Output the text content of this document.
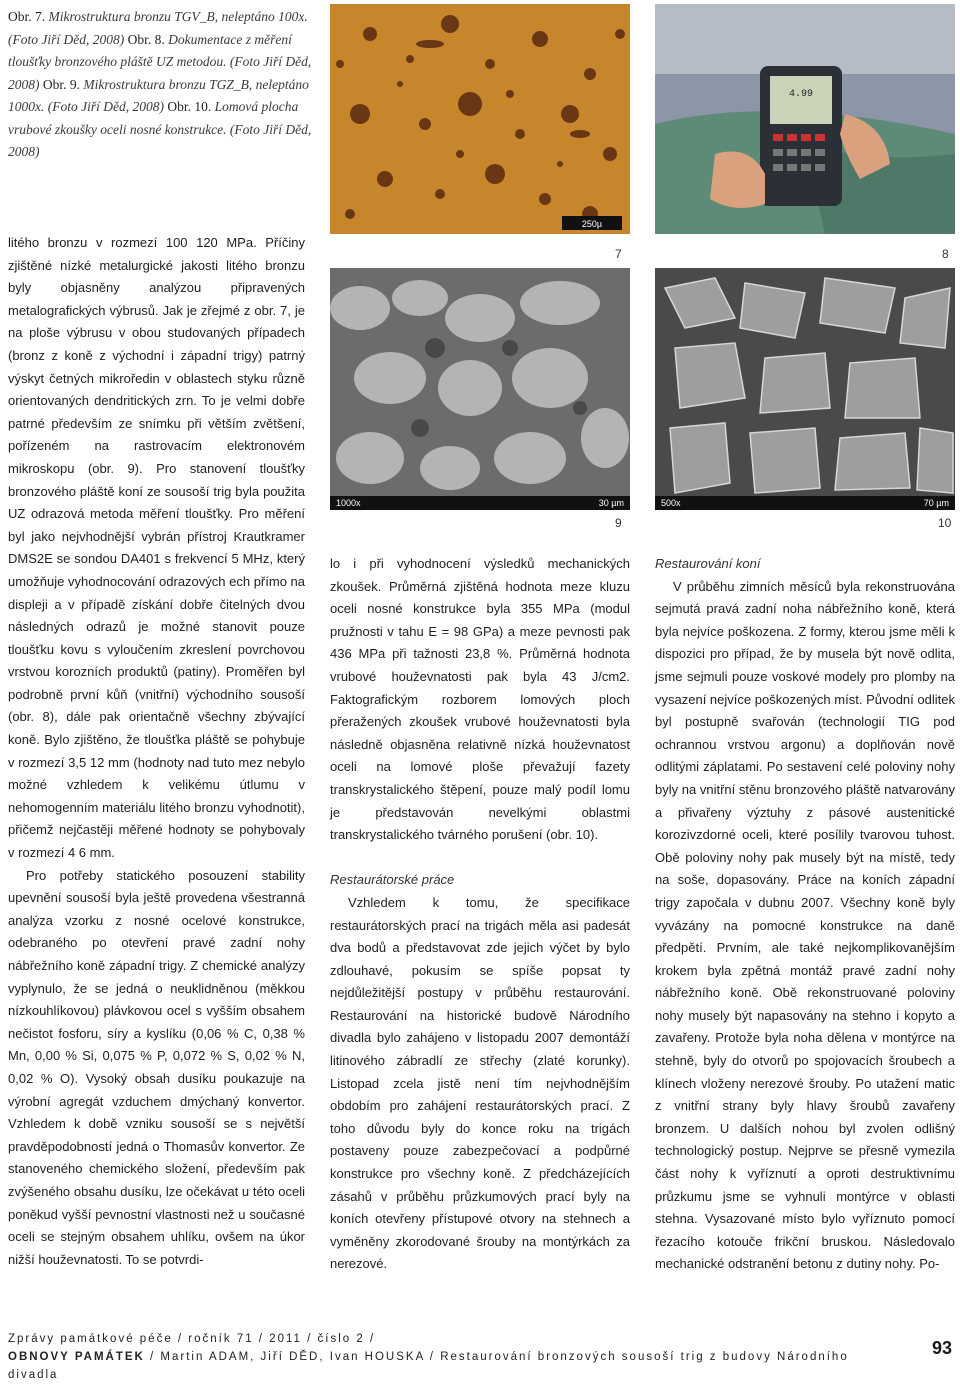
Obr. 7. Mikrostruktura bronzu TGV_B, neleptáno 100x. (Foto Jiří Děd, 2008) Obr. 8. Dokumentace z měření tloušťky bronzového pláště UZ metodou. (Foto Jiří Děd, 2008) Obr. 9. Mikrostruktura bronzu TGZ_B, neleptáno 1000x. (Foto Jiří Děd, 2008) Obr. 10. Lomová plocha vrubové zkoušky oceli nosné konstrukce. (Foto Jiří Děd, 2008)
250µ
4.99
7	8
1000x	30 µm	500x	70 µm
9	10

litého bronzu v rozmezí 100 120 MPa. Příčiny zjištěné nízké metalurgické jakosti litého bronzu byly objasněny analýzou připravených metalografických výbrusů. Jak je zřejmé z obr. 7, je na ploše výbrusu v obou studovaných případech (bronz z koně z východní i západní trigy) patrný výskyt četných mikroředin v oblastech styku různě orientovaných dendritických zrn. To je velmi dobře patrné především ze snímku při větším zvětšení, pořízeném na rastrovacím elektronovém mikroskopu (obr. 9). Pro stanovení tloušťky bronzového pláště koní ze sousoší trig byla použita UZ odrazová metoda měření tloušťky. Pro měření byl jako nejvhodnější vybrán přístroj Krautkramer DMS2E se sondou DA401 s frekvencí 5 MHz, který umožňuje vyhodnocování odrazových ech přímo na displeji a v případě získání dobře čitelných dvou následných odrazů je možné stanovit pouze tloušťku kovu s vyloučením zkreslení povrchovou vrstvou korozních produktů (patiny). Proměřen byl podrobně první kůň (vnitřní) východního sousoší (obr. 8), dále pak orientačně všechny zbývající koně. Bylo zjištěno, že tloušťka pláště se pohybuje v rozmezí 3,5 12 mm (hodnoty nad tuto mez nebylo možné vzhledem k velikému útlumu v nehomogenním materiálu litého bronzu vyhodnotit), přičemž nejčastěji měřené hodnoty se pohybovaly v rozmezí 4 6 mm.

Pro potřeby statického posouzení stability upevnění sousoší byla ještě provedena všestranná analýza vzorku z nosné ocelové konstrukce, odebraného po otevření pravé zadní nohy nábřežního koně západní trigy. Z chemické analýzy vyplynulo, že se jedná o neuklidněnou (měkkou nízkouhlíkovou) plávkovou ocel s vyšším obsahem nečistot fosforu, síry a kyslíku (0,06 % C, 0,38 % Mn, 0,00 % Si, 0,075 % P, 0,072 % S, 0,02 % N, 0,02 % O). Vysoký obsah dusíku poukazuje na výrobní agregát vzduchem dmýchaný konvertor. Vzhledem k době vzniku sousoší se s největší pravděpodobností jedná o Thomasův konvertor. Ze stanoveného chemického složení, především pak zvýšeného obsahu dusíku, lze očekávat u této oceli poněkud vyšší pevnostní vlastnosti než u současné oceli se stejným obsahem uhlíku, ovšem na úkor nižší houževnatosti. To se potvrdi-

lo i při vyhodnocení výsledků mechanických zkoušek. Průměrná zjištěná hodnota meze kluzu oceli nosné konstrukce byla 355 MPa (modul pružnosti v tahu E = 98 GPa) a meze pevnosti pak 436 MPa při tažnosti 23,8 %. Průměrná hodnota vrubové houževnatosti pak byla 43 J/cm2. Faktografickým rozborem lomových ploch přeražených zkoušek vrubové houževnatosti byla následně objasněna relativně nízká houževnatost oceli na lomové ploše převažují fazety transkrystalického štěpení, pouze malý podíl lomu je představován nevelkými oblastmi transkrystalického tvárného porušení (obr. 10).

Restaurátorské práce

Vzhledem k tomu, že specifikace restaurátorských prací na trigách měla asi padesát dva bodů a představovat zde jejich výčet by bylo zdlouhavé, pokusím se spíše popsat ty nejdůležitější postupy v průběhu restaurování. Restaurování na historické budově Národního divadla bylo zahájeno v listopadu 2007 demontáží litinového zábradlí ze střechy (zlaté korunky). Listopad zcela jistě není tím nejvhodnějším obdobím pro zahájení restaurátorských prací. Z toho důvodu byly do konce roku na trigách postaveny pouze zabezpečovací a podpůrné konstrukce pro všechny koně. Z předcházejících zásahů v průběhu průzkumových prací byly na koních otevřeny přístupové otvory na stehnech a vyměněny zkorodované šrouby na montýrkách za nerezové.

Restaurování koní

V průběhu zimních měsíců byla rekonstruována sejmutá pravá zadní noha nábřežního koně, která byla nejvíce poškozena. Z formy, kterou jsme měli k dispozici pro případ, že by musela být nově odlita, jsme sejmuli pouze voskové modely pro plomby na vysazení nejvíce poškozených míst. Původní odlitek byl postupně svařován (technologií TIG pod ochrannou vrstvou argonu) a doplňován nově odlitými záplatami. Po sestavení celé poloviny nohy byly na vnitřní stěnu bronzového pláště natvarovány a přivařeny výztuhy z pásové austenitické korozivzdorné oceli, které posílily tvarovou tuhost. Obě poloviny nohy pak musely být na místě, tedy na soše, dopasovány. Práce na koních západní trigy započala v dubnu 2007. Všechny koně byly vyvázány na pomocné konstrukce na daně předpětí. Prvním, ale také nejkomplikovanějším krokem byla zpětná montáž pravé zadní nohy nábřežního koně. Obě rekonstruované poloviny nohy musely být napasovány na stehno i kopyto a zavařeny. Protože byla noha dělena v montýrce na stehně, byly do otvorů po spojovacích šroubech a klínech vloženy nerezové šrouby. Po utažení matic z vnitřní strany byly hlavy šroubů zavařeny bronzem. U dalších nohou byl zvolen odlišný technologický postup. Nejprve se přesně vymezila část nohy k vyříznutí a oproti destruktivnímu průzkumu jsme se vyhnuli montýrce v oblasti stehna. Vysazované místo bylo vyříznuto pomocí řezacího kotouče frikční bruskou. Následovalo mechanické odstranění betonu z dutiny nohy. Po-

Zprávy památkové péče / ročník 71 / 2011 / číslo 2 /
OBNOVY PAMÁTEK / Martin ADAM, Jiří DĚD, Ivan HOUSKA / Restaurování bronzových sousoší trig z budovy Národního divadla
93
